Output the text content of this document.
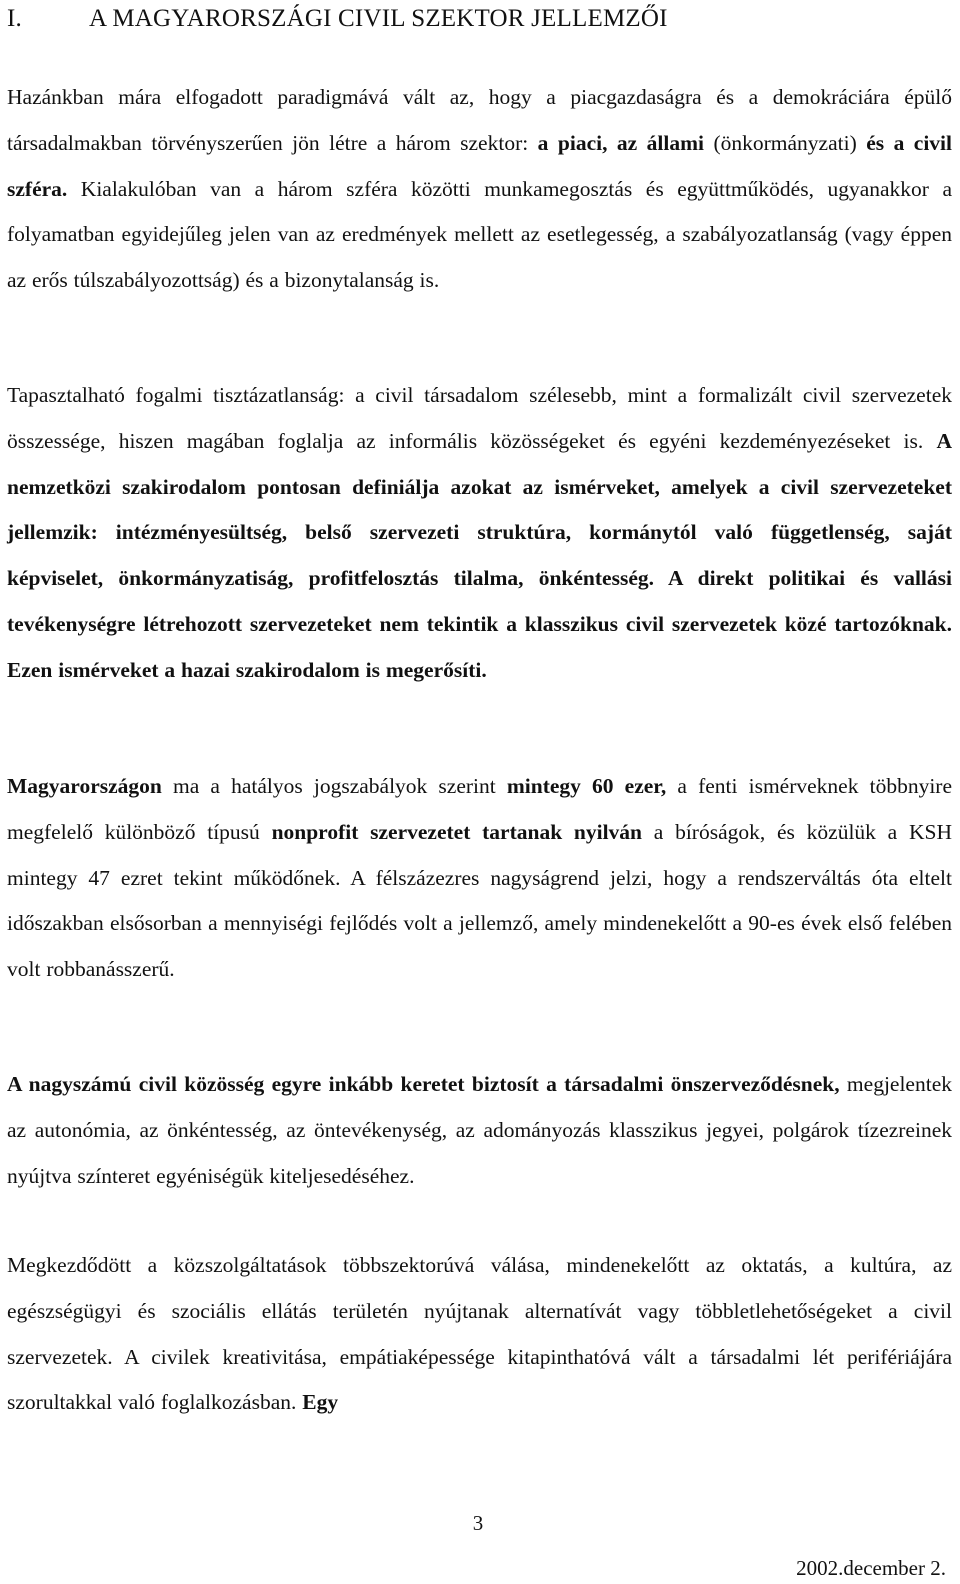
I.	A MAGYARORSZÁGI CIVIL SZEKTOR JELLEMZŐI
Hazánkban mára elfogadott paradigmává vált az, hogy a piacgazdaságra és a demokráciára épülő társadalmakban törvényszerűen jön létre a három szektor: a piaci, az állami (önkormányzati) és a civil szféra. Kialakulóban van a három szféra közötti munkamegosztás és együttműködés, ugyanakkor a folyamatban egyidejűleg jelen van az eredmények mellett az esetlegesség, a szabályozatlanság (vagy éppen az erős túlszabályozottság) és a bizonytalanság is.
Tapasztalható fogalmi tisztázatlanság: a civil társadalom szélesebb, mint a formalizált civil szervezetek összessége, hiszen magában foglalja az informális közösségeket és egyéni kezdeményezéseket is. A nemzetközi szakirodalom pontosan definiálja azokat az ismérveket, amelyek a civil szervezeteket jellemzik: intézményesültség, belső szervezeti struktúra, kormánytól való függetlenség, saját képviselet, önkormányzatiság, profitfelosztás tilalma, önkéntesség. A direkt politikai és vallási tevékenységre létrehozott szervezeteket nem tekintik a klasszikus civil szervezetek közé tartozóknak. Ezen ismérveket a hazai szakirodalom is megerősíti.
Magyarországon ma a hatályos jogszabályok szerint mintegy 60 ezer, a fenti ismérveknek többnyire megfelelő különböző típusú nonprofit szervezetet tartanak nyilván a bíróságok, és közülük a KSH mintegy 47 ezret tekint működőnek. A félszázezres nagyságrend jelzi, hogy a rendszerváltás óta eltelt időszakban elsősorban a mennyiségi fejlődés volt a jellemző, amely mindenekelőtt a 90-es évek első felében volt robbanásszerű.
A nagyszámú civil közösség egyre inkább keretet biztosít a társadalmi önszerveződésnek, megjelentek az autonómia, az önkéntesség, az öntevékenység, az adományozás klasszikus jegyei, polgárok tízezreinek nyújtva színteret egyéniségük kiteljesedéséhez.
Megkezdődött a közszolgáltatások többszektorúvá válása, mindenekelőtt az oktatás, a kultúra, az egészségügyi és szociális ellátás területén nyújtanak alternatívát vagy többletlehetőségeket a civil szervezetek. A civilek kreativitása, empátiaképessége kitapinthatóvá vált a társadalmi lét perifériájára szorultakkal való foglalkozásban. Egy
3
2002.december 2.
